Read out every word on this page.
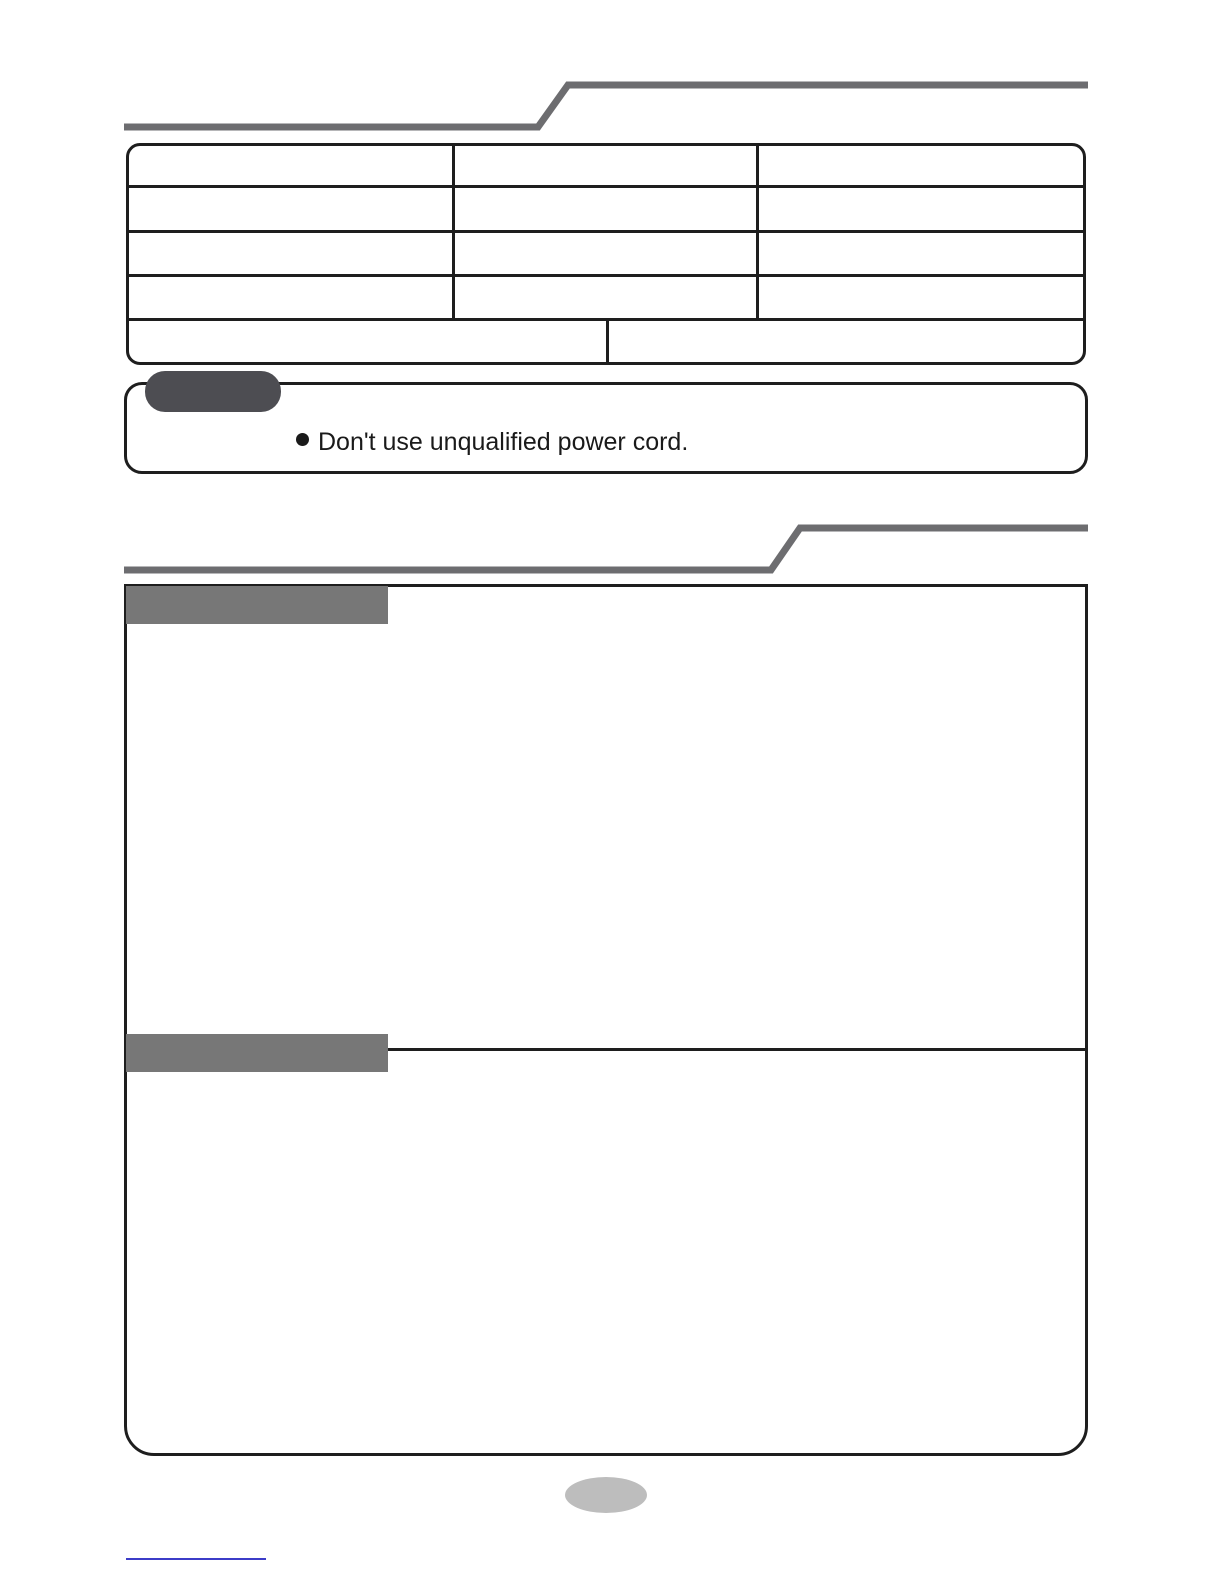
Don't use unqualified power cord.
